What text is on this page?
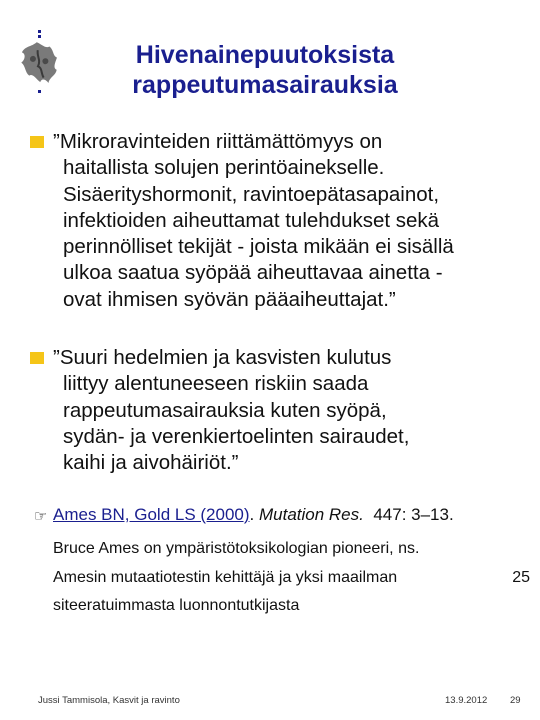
Hivenainepuutoksista
rappeutumasairauksia
”Mikroravinteiden riittämättömyys on
haitallista solujen perintöainekselle.
Sisäerityshormonit, ravintoepätasapainot,
infektioiden aiheuttamat tulehdukset sekä
perinnölliset tekijät - joista mikään ei sisällä
ulkoa saatua syöpää aiheuttavaa ainetta -
ovat ihmisen syövän pääaiheuttajat.”
”Suuri hedelmien ja kasvisten kulutus
liittyy alentuneeseen riskiin saada
rappeutumasairauksia kuten syöpä,
sydän- ja verenkiertoelinten sairaudet,
kaihi ja aivohäiriöt.”
☞ Ames BN, Gold LS (2000). Mutation Res. 447: 3–13.
Bruce Ames on ympäristötoksikologian pioneeri, ns.
Amesin mutaatiotestin kehittäjä ja yksi maailman	25
siteeratuimmasta luonnontutkijasta
Jussi Tammisola, Kasvit ja ravinto	13.9.2012 29
